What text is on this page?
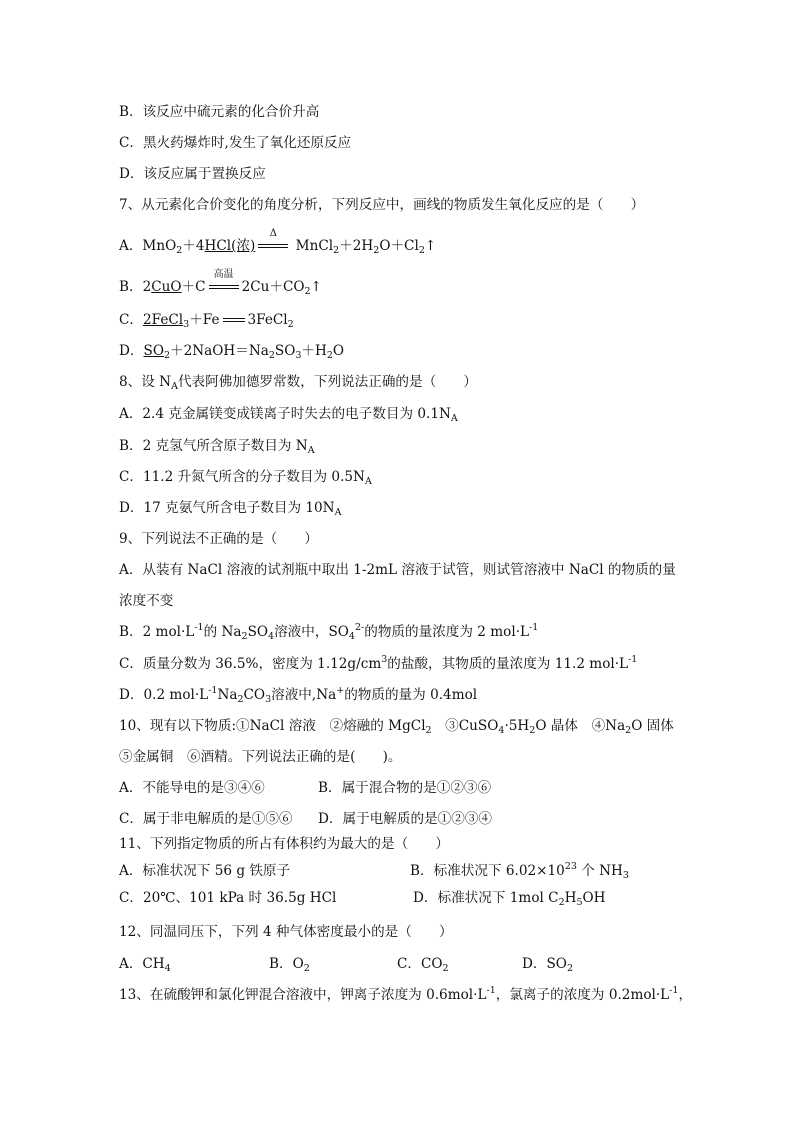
B．该反应中硫元素的化合价升高
C．黑火药爆炸时,发生了氧化还原反应
D．该反应属于置换反应
7、从元素化合价变化的角度分析，下列反应中，画线的物质发生氧化反应的是（　　）
A．MnO$_2$＋4HCl(浓)
Δ
$MnCl_2+2H_2O+Cl_2↑$
B．2CuO＋C
高温
$2Cu+CO_2↑$
C．2FeCl$_3$＋Fe 3FeCl$_2$
D．$SO_2+2NaOH=Na_2SO_3+H_2O$
8、设 $N_A$代表阿佛加德罗常数，下列说法正确的是（　　）
A．2.4 克金属镁变成镁离子时失去的电子数目为 $0.1N_A$
B．2 克氢气所含原子数目为 $N_A$
C．11.2 升氮气所含的分子数目为 $0.5N_A$
D．17 克氨气所含电子数目为 $10N_A$
9、下列说法不正确的是（　　）
A．从装有 NaCl 溶液的试剂瓶中取出 1-2mL 溶液于试管，则试管溶液中 NaCl 的物质的量
浓度不变
B．2 $mol\cdot L^{-1}$的 $Na_2SO_4$溶液中，$SO_4^{2-}$的物质的量浓度为 2 $mol\cdot L^{-1}$
C．质量分数为 36.5%，密度为 $1.12g/cm^3$的盐酸，其物质的量浓度为 11.2 $mol\cdot L^{-1}$
D．0.2 $mol\cdot L^{-1}Na_2CO_3$溶液中,Na+的物质的量为 0.4mol
10、现有以下物质:①NaCl 溶液　②熔融的 MgCl$_2$　$③CuSO_4\cdot 5H_2O$ 晶体　$④Na_2O$ 固体
⑤金属铜　⑥酒精。下列说法正确的是(　　)。
A．不能导电的是③④⑥	B．属于混合物的是①②③⑥
C．属于非电解质的是①⑤⑥ D．属于电解质的是①②③④
11、下列指定物质的所占有体积约为最大的是（　　）
A．标准状况下 56 g 铁原子	B．标准状况下 $6.02\times 10^{23}$ 个 $NH_3$
C．20℃、101 kPa 时 36.5g HCl	D．标准状况下 1mol $C_2H_5OH$
12、同温同压下，下列 4 种气体密度最小的是（　　）
A．$CH_4$	B．$O_2$	C．$CO_2$	D．$SO_2$
13、在硫酸钾和氯化钾混合溶液中，钾离子浓度为 $0.6mol\cdot L^{-1}$，氯离子的浓度为 $0.2mol\cdot L^{-1}$，
